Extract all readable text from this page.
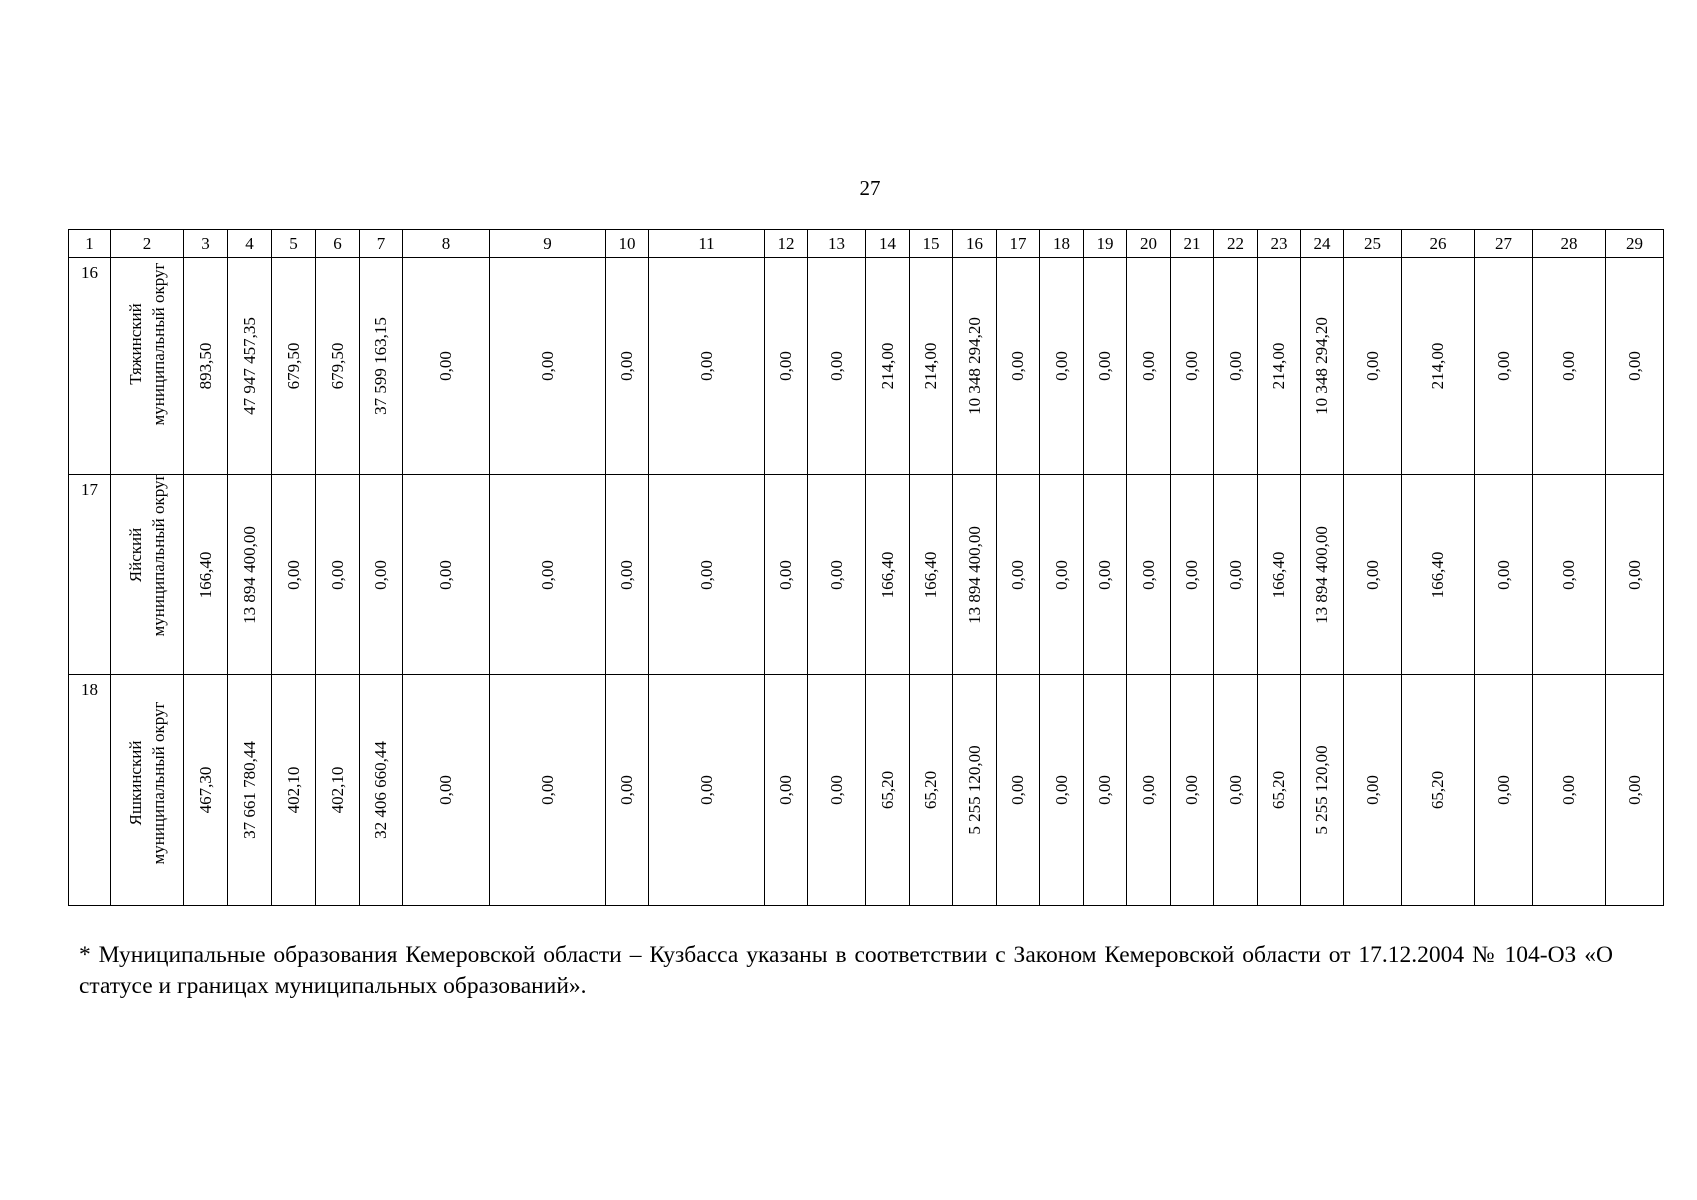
27
1	2	3	4	5	6	7	8	9	10	11	12	13	14	15	16	17	18	19	20	21	22	23	24	25	26	27	28	29

16	Тяжинский муниципальный округ	893,50	47 947 457,35	679,50	679,50	37 599 163,15	0,00	0,00	0,00	0,00	0,00	0,00	214,00	214,00	10 348 294,20	0,00	0,00	0,00	0,00	0,00	0,00	214,00	10 348 294,20	0,00	214,00	0,00	0,00	0,00

17	Яйский муниципальный округ	166,40	13 894 400,00	0,00	0,00	0,00	0,00	0,00	0,00	0,00	0,00	0,00	166,40	166,40	13 894 400,00	0,00	0,00	0,00	0,00	0,00	0,00	166,40	13 894 400,00	0,00	166,40	0,00	0,00	0,00

18	Яшкинский муниципальный округ	467,30	37 661 780,44	402,10	402,10	32 406 660,44	0,00	0,00	0,00	0,00	0,00	0,00	65,20	65,20	5 255 120,00	0,00	0,00	0,00	0,00	0,00	0,00	65,20	5 255 120,00	0,00	65,20	0,00	0,00	0,00
* Муниципальные образования Кемеровской области – Кузбасса указаны в соответствии с Законом Кемеровской области от 17.12.2004 № 104-ОЗ «О статусе и границах муниципальных образований».
